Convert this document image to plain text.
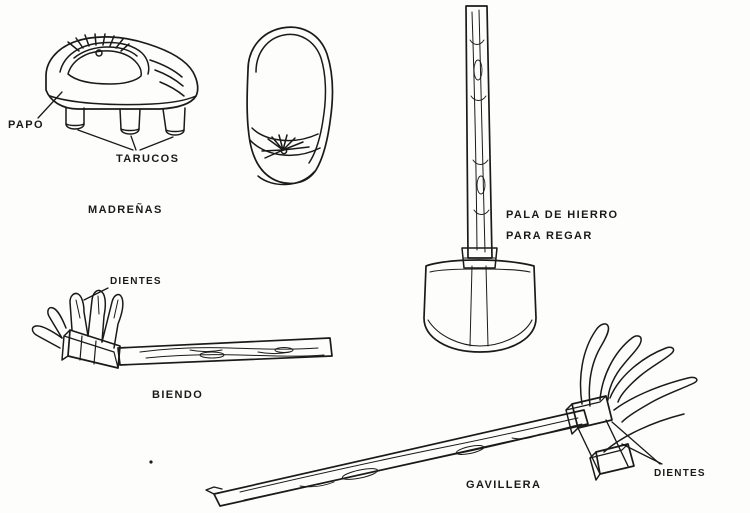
PAPO
TARUCOS
MADREÑAS
DIENTES
BIENDO
PALA DE HIERRO
PARA REGAR
GAVILLERA
DIENTES
